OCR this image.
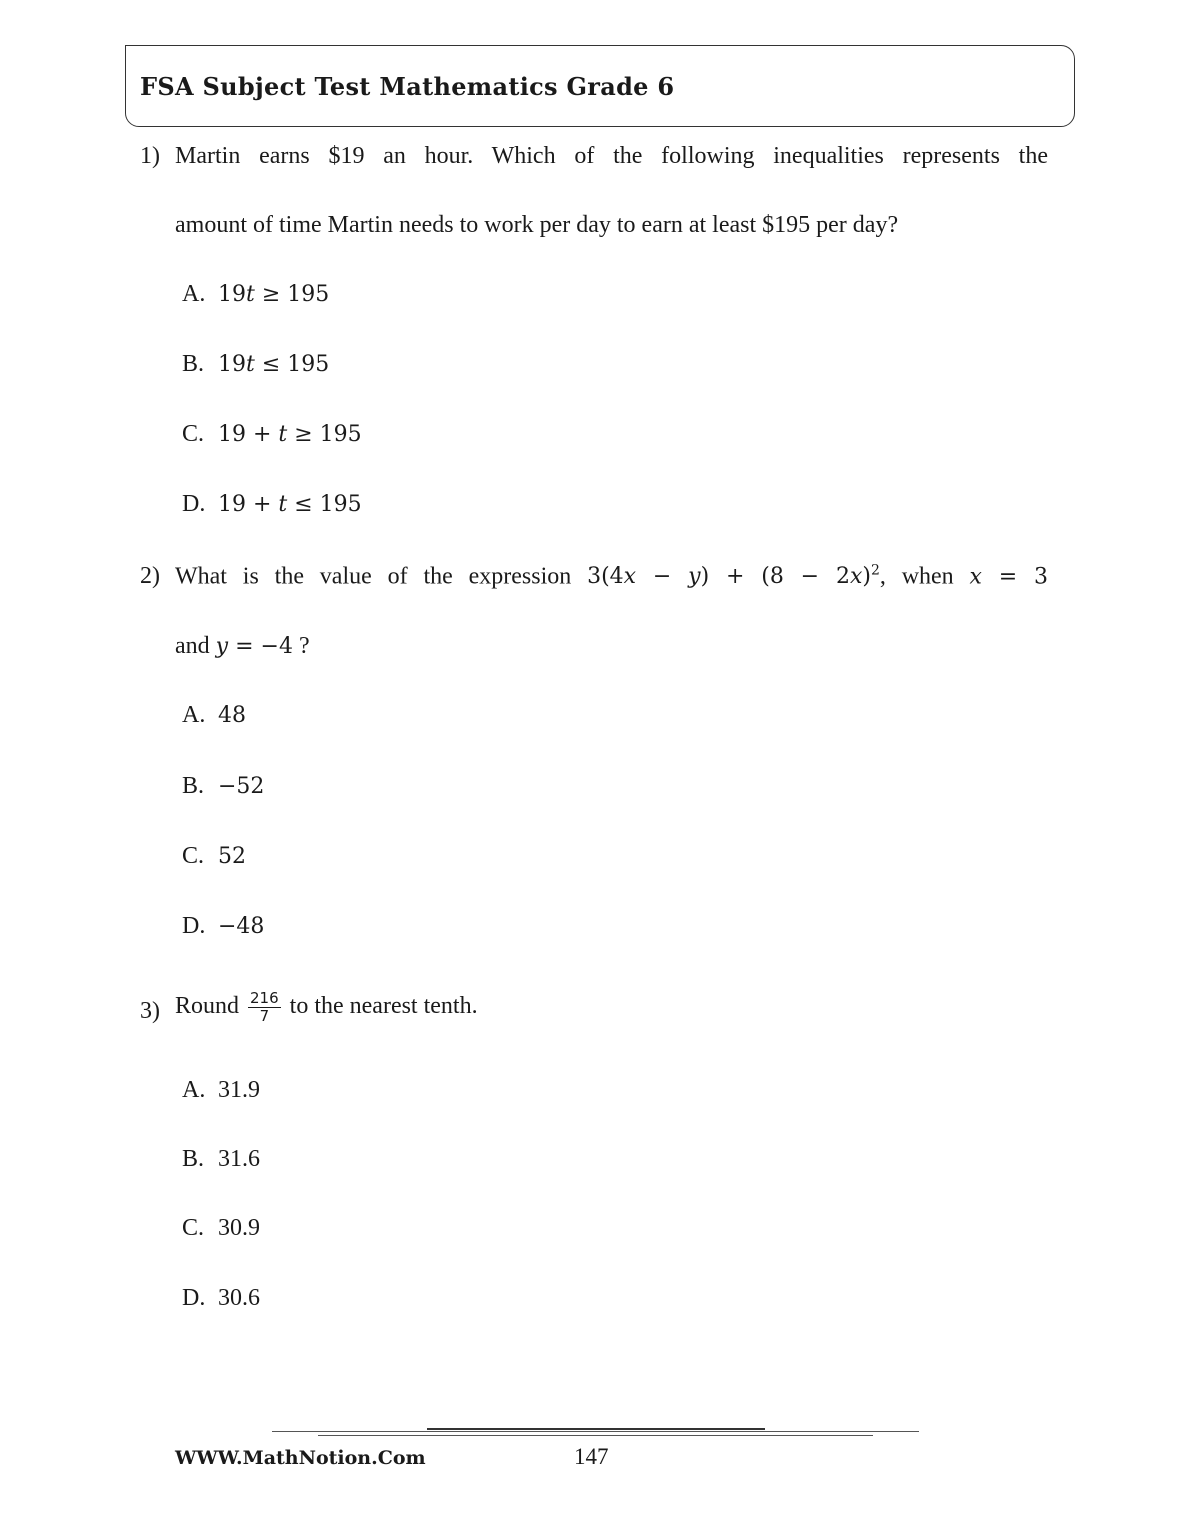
FSA Subject Test Mathematics Grade 6
1) Martin earns $19 an hour. Which of the following inequalities represents the
amount of time Martin needs to work per day to earn at least $195 per day?
A. 19𝑡 ≥ 195
B. 19𝑡 ≤ 195
C. 19 + 𝑡 ≥ 195
D. 19 + 𝑡 ≤ 195
2) What is the value of the expression 3(4𝑥 − 𝑦) + (8 − 2𝑥)$^2$, when 𝑥 = 3
and 𝑦 = −4 ?
A. 48
B. −52
C. 52
D. −48
3) Round $\frac{216}{7}$ to the nearest tenth.
A. 31.9
B. 31.6
C. 30.9
D. 30.6
WWW.MathNotion.Com	147
